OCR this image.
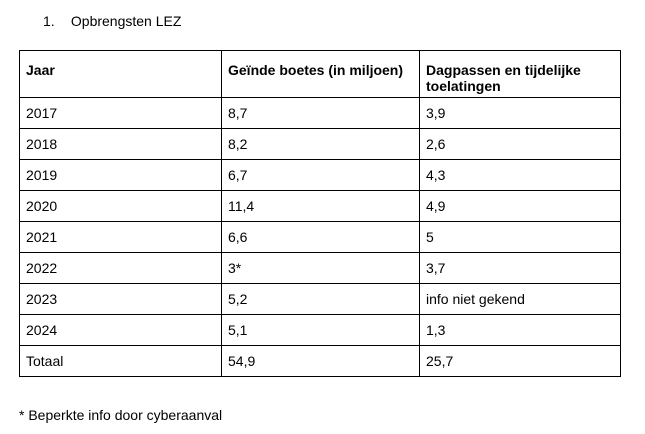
1. Opbrengsten LEZ
Jaar	Geïnde boetes (in miljoen)	Dagpassen en tijdelijke toelatingen
2017	8,7	3,9
2018	8,2	2,6
2019	6,7	4,3
2020	11,4	4,9
2021	6,6	5
2022	3*	3,7
2023	5,2	info niet gekend
2024	5,1	1,3
Totaal	54,9	25,7
* Beperkte info door cyberaanval
